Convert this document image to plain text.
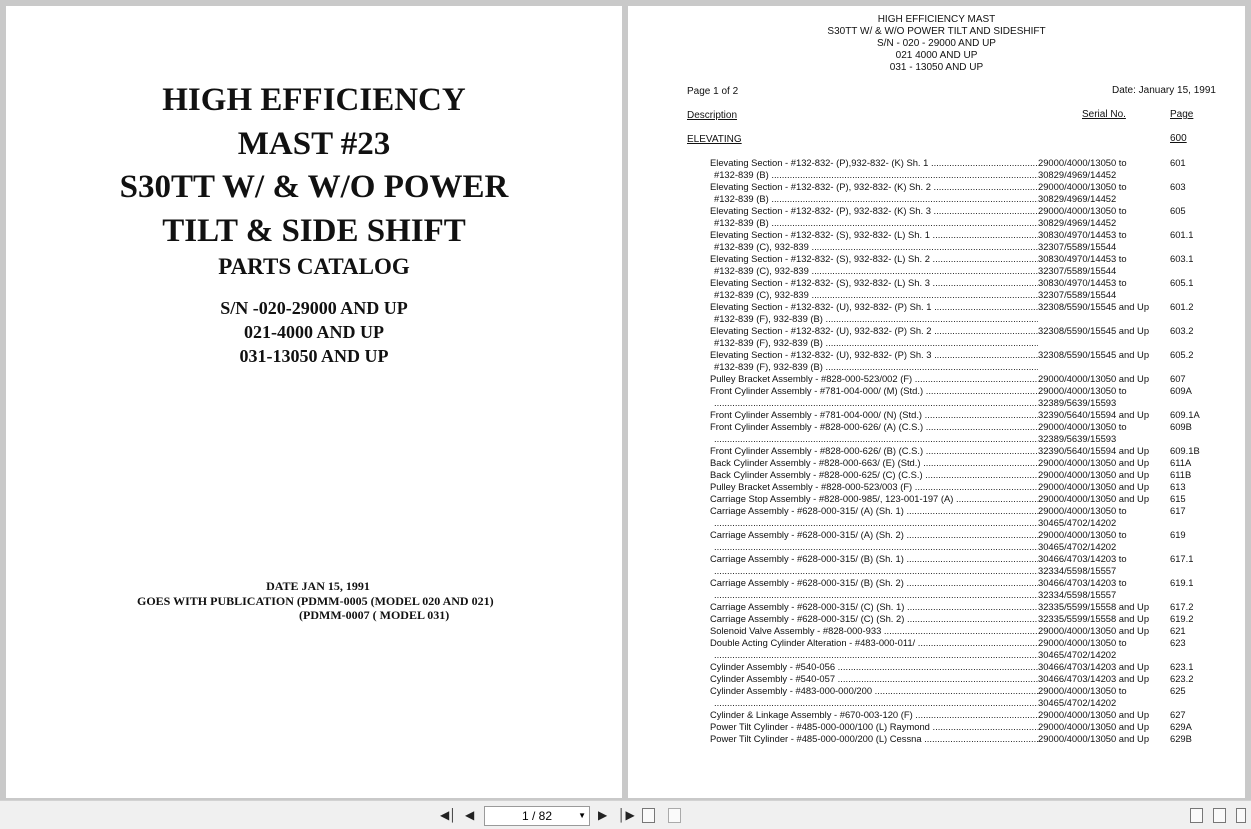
HIGH EFFICIENCY
MAST #23
S30TT W/ & W/O POWER
TILT & SIDE SHIFT
PARTS CATALOG
S/N -020-29000 AND UP
021-4000 AND UP
031-13050 AND UP
DATE JAN 15, 1991
GOES WITH PUBLICATION (PDMM-0005 (MODEL 020 AND 021)
(PDMM-0007 ( MODEL 031)
HIGH EFFICIENCY MAST
S30TT W/ & W/O POWER TILT AND SIDESHIFT
S/N - 020 - 29000 AND UP
021 4000 AND UP
031 - 13050 AND UP
Page 1 of 2	Date: January 15, 1991
Description	Serial No.	Page
ELEVATING	600
Elevating Section - #132-832- (P),932-832- (K) Sh. 1 .....	29000/4000/13050 to	601
#132-839 (B) .....	30829/4969/14452
Elevating Section - #132-832- (P), 932-832- (K) Sh. 2 .....	29000/4000/13050 to	603
#132-839 (B) .....	30829/4969/14452
Elevating Section - #132-832- (P), 932-832- (K) Sh. 3 .....	29000/4000/13050 to	605
#132-839 (B) .....	30829/4969/14452
Elevating Section - #132-832- (S), 932-832- (L) Sh. 1 .....	30830/4970/14453 to	601.1
#132-839 (C), 932-839 .....	32307/5589/15544
Elevating Section - #132-832- (S), 932-832- (L) Sh. 2 .....	30830/4970/14453 to	603.1
#132-839 (C), 932-839 .....	32307/5589/15544
Elevating Section - #132-832- (S), 932-832- (L) Sh. 3 .....	30830/4970/14453 to	605.1
#132-839 (C), 932-839 .....	32307/5589/15544
Elevating Section - #132-832- (U), 932-832- (P) Sh. 1 .....	32308/5590/15545 and Up 601.2
#132-839 (F), 932-839 (B) .....
Elevating Section - #132-832- (U), 932-832- (P) Sh. 2 .....	32308/5590/15545 and Up 603.2
#132-839 (F), 932-839 (B) .....
Elevating Section - #132-832- (U), 932-832- (P) Sh. 3 .....	32308/5590/15545 and Up 605.2
#132-839 (F), 932-839 (B) .....
Pulley Bracket Assembly - #828-000-523/002 (F) .....	29000/4000/13050 and Up 607
Front Cylinder Assembly - #781-004-000/ (M) (Std.) .....	29000/4000/13050 to	609A
.....
32389/5639/15593
Front Cylinder Assembly - #781-004-000/ (N) (Std.) .....	32390/5640/15594 and Up 609.1A
Front Cylinder Assembly - #828-000-626/ (A) (C.S.) .....	29000/4000/13050 to	609B
.....
32389/5639/15593
Front Cylinder Assembly - #828-000-626/ (B) (C.S.) .....	32390/5640/15594 and Up 609.1B
Back Cylinder Assembly - #828-000-663/ (E) (Std.) .....	29000/4000/13050 and Up 611A
Back Cylinder Assembly - #828-000-625/ (C) (C.S.) .....	29000/4000/13050 and Up 611B
Pulley Bracket Assembly - #828-000-523/003 (F) .....	29000/4000/13050 and Up 613
Carriage Stop Assembly - #828-000-985/, 123-001-197 (A) .....	29000/4000/13050 and Up 615
Carriage Assembly - #628-000-315/ (A) (Sh. 1) .....	29000/4000/13050 to	617
.....
30465/4702/14202
Carriage Assembly - #628-000-315/ (A) (Sh. 2) .....	29000/4000/13050 to	619
.....
30465/4702/14202
Carriage Assembly - #628-000-315/ (B) (Sh. 1) .....	30466/4703/14203 to	617.1
.....
32334/5598/15557
Carriage Assembly - #628-000-315/ (B) (Sh. 2) .....	30466/4703/14203 to	619.1
.....
32334/5598/15557
Carriage Assembly - #628-000-315/ (C) (Sh. 1) .....	32335/5599/15558 and Up 617.2
Carriage Assembly - #628-000-315/ (C) (Sh. 2) .....	32335/5599/15558 and Up 619.2
Solenoid Valve Assembly - #828-000-933 .....	29000/4000/13050 and Up 621
Double Acting Cylinder Alteration - #483-000-011/ .....	29000/4000/13050 to	623
.....
30465/4702/14202
Cylinder Assembly - #540-056 .....	30466/4703/14203 and Up 623.1
Cylinder Assembly - #540-057 .....	30466/4703/14203 and Up 623.2
Cylinder Assembly - #483-000-000/200 .....	29000/4000/13050 to	625
.....
30465/4702/14202
Cylinder & Linkage Assembly - #670-003-120 (F) .....	29000/4000/13050 and Up 627
Power Tilt Cylinder - #485-000-000/100 (L) Raymond .....	29000/4000/13050 and Up 629A
Power Tilt Cylinder - #485-000-000/200 (L) Cessna .....	29000/4000/13050 and Up 629B
◀│ ◀	1 / 82	▼ ▶ │▶
